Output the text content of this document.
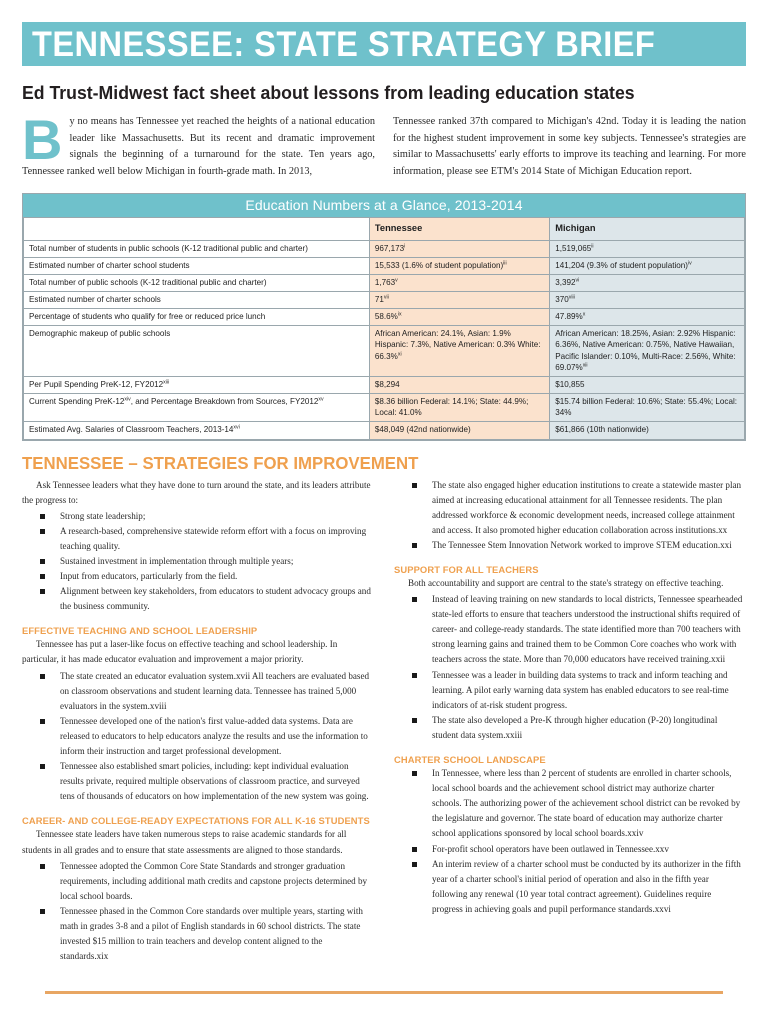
TENNESSEE: STATE STRATEGY BRIEF
Ed Trust-Midwest fact sheet about lessons from leading education states
By no means has Tennessee yet reached the heights of a national education leader like Massachusetts. But its recent and dramatic improvement signals the beginning of a turnaround for the state. Ten years ago, Tennessee ranked well below Michigan in fourth-grade math. In 2013,
Tennessee ranked 37th compared to Michigan's 42nd. Today it is leading the nation for the highest student improvement in some key subjects. Tennessee's strategies are similar to Massachusetts' early efforts to improve its teaching and learning. For more information, please see ETM's 2014 State of Michigan Education report.
Education Numbers at a Glance, 2013-2014
	Tennessee	Michigan
Total number of students in public schools (K-12 traditional public and charter)	967,173$^i$	1,519,065$^{ii}$
Estimated number of charter school students	15,533 (1.6% of student population)$^{iii}$	141,204 (9.3% of student population)$^{iv}$
Total number of public schools (K-12 traditional public and charter)	1,763$^v$	3,392$^{vi}$
Estimated number of charter schools	71$^{vii}$	370$^{viii}$
Percentage of students who qualify for free or reduced price lunch	58.6%$^{ix}$	47.89%$^x$
Demographic makeup of public schools	African American: 24.1%, Asian: 1.9% Hispanic: 7.3%, Native American: 0.3% White: 66.3%$^{xi}$	African American: 18.25%, Asian: 2.92% Hispanic: 6.36%, Native American: 0.75%, Native Hawaiian, Pacific Islander: 0.10%, Multi-Race: 2.56%, White: 69.07%$^{xii}$
Per Pupil Spending PreK-12, FY2012$^{xiii}$	$8,294	$10,855
Current Spending PreK-12$^{xiv}$, and Percentage Breakdown from Sources, FY2012$^{xv}$	$8.36 billion Federal: 14.1%; State: 44.9%; Local: 41.0%	$15.74 billion Federal: 10.6%; State: 55.4%; Local: 34%
Estimated Avg. Salaries of Classroom Teachers, 2013-14$^{xvi}$	$48,049 (42nd nationwide)	$61,866 (10th nationwide)
TENNESSEE – STRATEGIES FOR IMPROVEMENT

Ask Tennessee leaders what they have done to turn around the state, and its leaders attribute the progress to:

Strong state leadership;
A research-based, comprehensive statewide reform effort with a focus on improving teaching quality.
Sustained investment in implementation through multiple years;
Input from educators, particularly from the field.
Alignment between key stakeholders, from educators to student advocacy groups and the business community.
EFFECTIVE TEACHING AND SCHOOL LEADERSHIP

Tennessee has put a laser-like focus on effective teaching and school leadership. In particular, it has made educator evaluation and improvement a major priority.

The state created an educator evaluation system.xvii All teachers are evaluated based on classroom observations and student learning data. Tennessee has trained 5,000 evaluators in the system.xviii
Tennessee developed one of the nation's first value-added data systems. Data are released to educators to help educators analyze the results and use the information to inform their instruction and target professional development.
Tennessee also established smart policies, including: kept individual evaluation results private, required multiple observations of classroom practice, and surveyed tens of thousands of educators on how implementation of the new system was going.
CAREER- AND COLLEGE-READY EXPECTATIONS FOR ALL K-16 STUDENTS

Tennessee state leaders have taken numerous steps to raise academic standards for all students in all grades and to ensure that state assessments are aligned to those standards.

Tennessee adopted the Common Core State Standards and stronger graduation requirements, including additional math credits and capstone projects determined by local school boards.
Tennessee phased in the Common Core standards over multiple years, starting with math in grades 3-8 and a pilot of English standards in 60 school districts. The state invested $15 million to train teachers and develop content aligned to the standards.xix
The state also engaged higher education institutions to create a statewide master plan aimed at increasing educational attainment for all Tennessee residents. The plan addressed workforce & economic development needs, increased college attainment and access. It also promoted higher education collaboration across institutions.xx
The Tennessee Stem Innovation Network worked to improve STEM education.xxi
SUPPORT FOR ALL TEACHERS

Both accountability and support are central to the state's strategy on effective teaching.

Instead of leaving training on new standards to local districts, Tennessee spearheaded state-led efforts to ensure that teachers understood the instructional shifts required of career- and college-ready standards. The state identified more than 700 teachers with strong learning gains and trained them to be Common Core coaches who work with teachers across the state. More than 70,000 educators have received training.xxii
Tennessee was a leader in building data systems to track and inform teaching and learning. A pilot early warning data system has enabled educators to see real-time indicators of at-risk student progress.
The state also developed a Pre-K through higher education (P-20) longitudinal student data system.xxiii
CHARTER SCHOOL LANDSCAPE
In Tennessee, where less than 2 percent of students are enrolled in charter schools, local school boards and the achievement school district may authorize charter schools. The authorizing power of the achievement school district can be revoked by the legislature and governor. The state board of education may authorize charter school applications sponsored by local school boards.xxiv
For-profit school operators have been outlawed in Tennessee.xxv
An interim review of a charter school must be conducted by its authorizer in the fifth year of a charter school's initial period of operation and also in the fifth year following any renewal (10 year total contract agreement). Guidelines require progress in achieving goals and pupil performance standards.xxvi
